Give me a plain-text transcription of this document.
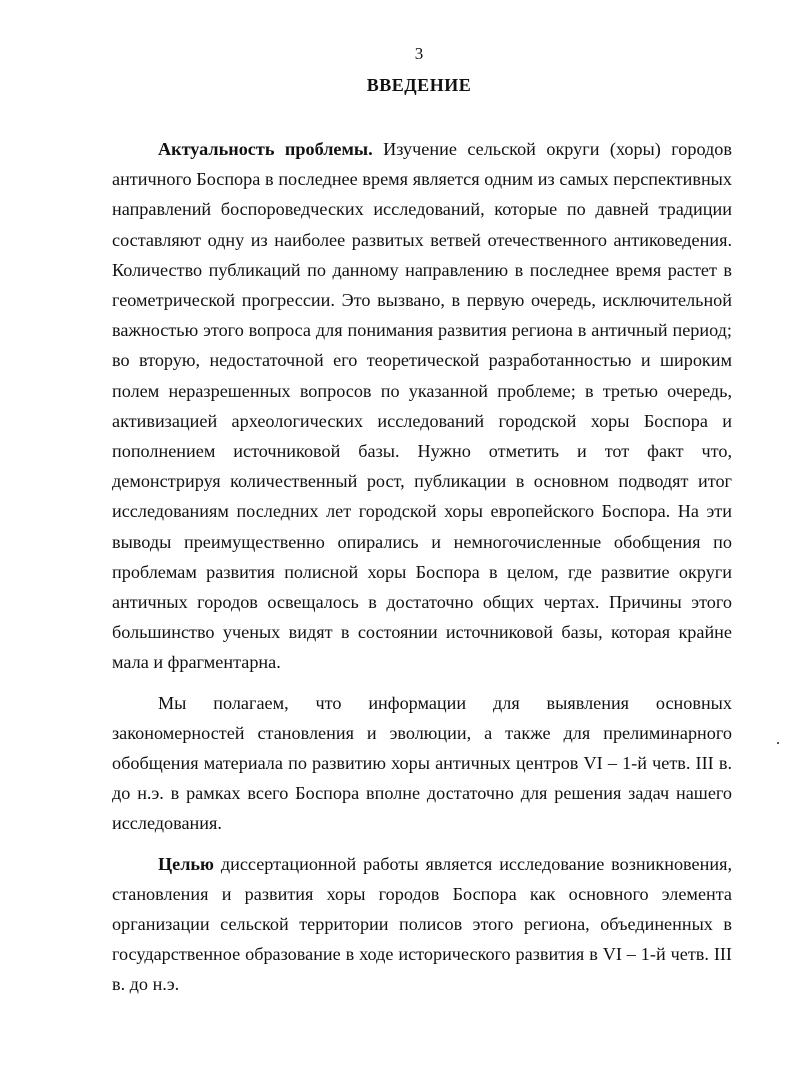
3
ВВЕДЕНИЕ

Актуальность проблемы. Изучение сельской округи (хоры) городов античного Боспора в последнее время является одним из самых перспективных направлений боспороведческих исследований, которые по давней традиции составляют одну из наиболее развитых ветвей отечественного антиковедения. Количество публикаций по данному направлению в последнее время растет в геометрической прогрессии. Это вызвано, в первую очередь, исключительной важностью этого вопроса для понимания развития региона в античный период; во вторую, недостаточной его теоретической разработанностью и широким полем неразрешенных вопросов по указанной проблеме; в третью очередь, активизацией археологических исследований городской хоры Боспора и пополнением источниковой базы. Нужно отметить и тот факт что, демонстрируя количественный рост, публикации в основном подводят итог исследованиям последних лет городской хоры европейского Боспора. На эти выводы преимущественно опирались и немногочисленные обобщения по проблемам развития полисной хоры Боспора в целом, где развитие округи античных городов освещалось в достаточно общих чертах. Причины этого большинство ученых видят в состоянии источниковой базы, которая крайне мала и фрагментарна.

Мы полагаем, что информации для выявления основных закономерностей становления и эволюции, а также для прелиминарного обобщения материала по развитию хоры античных центров VI – 1-й четв. III в. до н.э. в рамках всего Боспора вполне достаточно для решения задач нашего исследования.

Целью диссертационной работы является исследование возникновения, становления и развития хоры городов Боспора как основного элемента организации сельской территории полисов этого региона, объединенных в государственное образование в ходе исторического развития в VI – 1-й четв. III в. до н.э.
